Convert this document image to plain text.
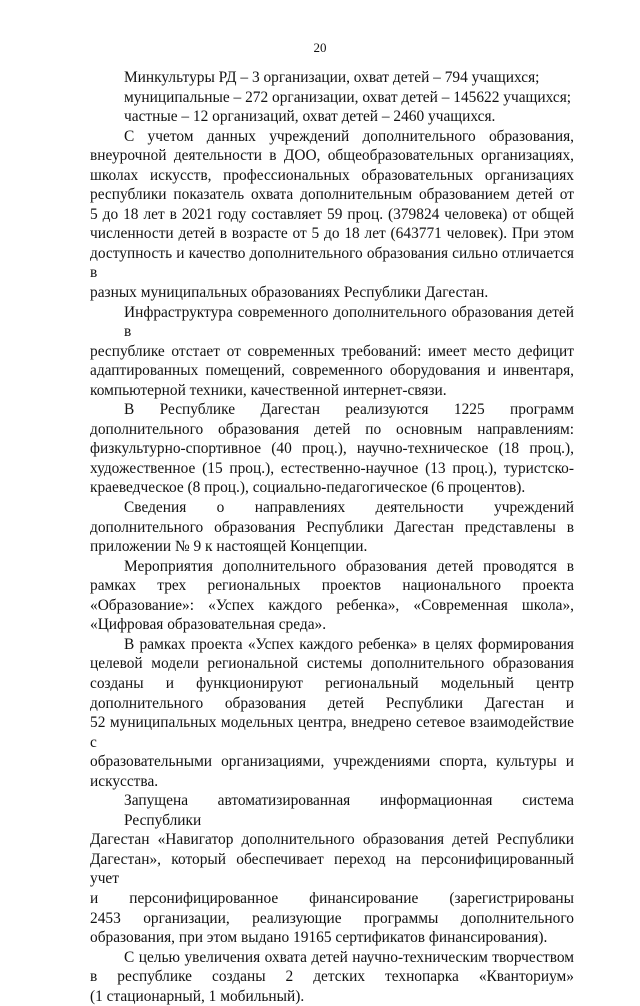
20
Минкультуры РД – 3 организации, охват детей – 794 учащихся;
муниципальные – 272 организации, охват детей – 145622 учащихся;
частные – 12 организаций, охват детей – 2460 учащихся.
С учетом данных учреждений дополнительного образования,
внеурочной деятельности в ДОО, общеобразовательных организациях,
школах искусств, профессиональных образовательных организациях
республики показатель охвата дополнительным образованием детей от
5 до 18 лет в 2021 году составляет 59 проц. (379824 человека) от общей
численности детей в возрасте от 5 до 18 лет (643771 человек). При этом
доступность и качество дополнительного образования сильно отличается в
разных муниципальных образованиях Республики Дагестан.
Инфраструктура современного дополнительного образования детей в
республике отстает от современных требований: имеет место дефицит
адаптированных помещений, современного оборудования и инвентаря,
компьютерной техники, качественной интернет-связи.
В Республике Дагестан реализуются 1225 программ
дополнительного образования детей по основным направлениям:
физкультурно-спортивное (40 проц.), научно-техническое (18 проц.),
художественное (15 проц.), естественно-научное (13 проц.), туристско-
краеведческое (8 проц.), социально-педагогическое (6 процентов).
Сведения о направлениях деятельности учреждений
дополнительного образования Республики Дагестан представлены в
приложении № 9 к настоящей Концепции.
Мероприятия дополнительного образования детей проводятся в
рамках трех региональных проектов национального проекта
«Образование»: «Успех каждого ребенка», «Современная школа»,
«Цифровая образовательная среда».
В рамках проекта «Успех каждого ребенка» в целях формирования
целевой модели региональной системы дополнительного образования
созданы и функционируют региональный модельный центр
дополнительного образования детей Республики Дагестан и
52 муниципальных модельных центра, внедрено сетевое взаимодействие с
образовательными организациями, учреждениями спорта, культуры и
искусства.
Запущена автоматизированная информационная система Республики
Дагестан «Навигатор дополнительного образования детей Республики
Дагестан», который обеспечивает переход на персонифицированный учет
и персонифицированное финансирование (зарегистрированы
2453 организации, реализующие программы дополнительного
образования, при этом выдано 19165 сертификатов финансирования).
С целью увеличения охвата детей научно-техническим творчеством
в республике созданы 2 детских технопарка «Кванториум»
(1 стационарный, 1 мобильный).
